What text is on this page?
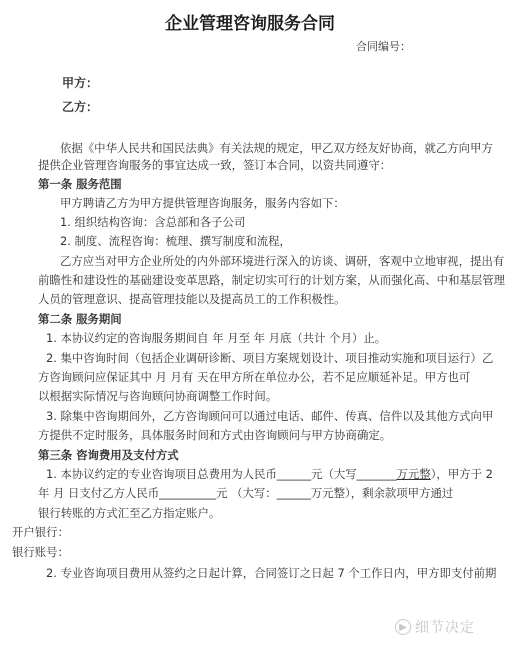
企业管理咨询服务合同
合同编号：
甲方：
乙方：
依据《中华人民共和国民法典》有关法规的规定，甲乙双方经友好协商，就乙方向甲方
提供企业管理咨询服务的事宜达成一致，签订本合同，以资共同遵守：
第一条 服务范围
甲方聘请乙方为甲方提供管理咨询服务，服务内容如下：
1. 组织结构咨询：含总部和各子公司
2. 制度、流程咨询：梳理、撰写制度和流程，
乙方应当对甲方企业所处的内外部环境进行深入的访谈、调研，客观中立地审视，提出有
前瞻性和建设性的基础建设变革思路，制定切实可行的计划方案，从而强化高、中和基层管理
人员的管理意识、提高管理技能以及提高员工的工作积极性。
第二条 服务期间
1. 本协议约定的咨询服务期间自 年 月至 年 月底（共计 个月）止。
2. 集中咨询时间（包括企业调研诊断、项目方案规划设计、项目推动实施和项目运行）乙
方咨询顾问应保证其中 月 月有 天在甲方所在单位办公，若不足应顺延补足。甲方也可
以根据实际情况与咨询顾问协商调整工作时间。
3. 除集中咨询期间外，乙方咨询顾问可以通过电话、邮件、传真、信件以及其他方式向甲
方提供不定时服务，具体服务时间和方式由咨询顾问与甲方协商确定。
第三条 咨询费用及支付方式
1. 本协议约定的专业咨询项目总费用为人民币______元（大写_______万元整），甲方于 2
年 月 日支付乙方人民币__________元 （大写：______万元整），剩余款项甲方通过
银行转账的方式汇至乙方指定账户。
开户银行：
银行账号：
2. 专业咨询项目费用从签约之日起计算，合同签订之日起 7 个工作日内，甲方即支付前期
▶ 细节决定
